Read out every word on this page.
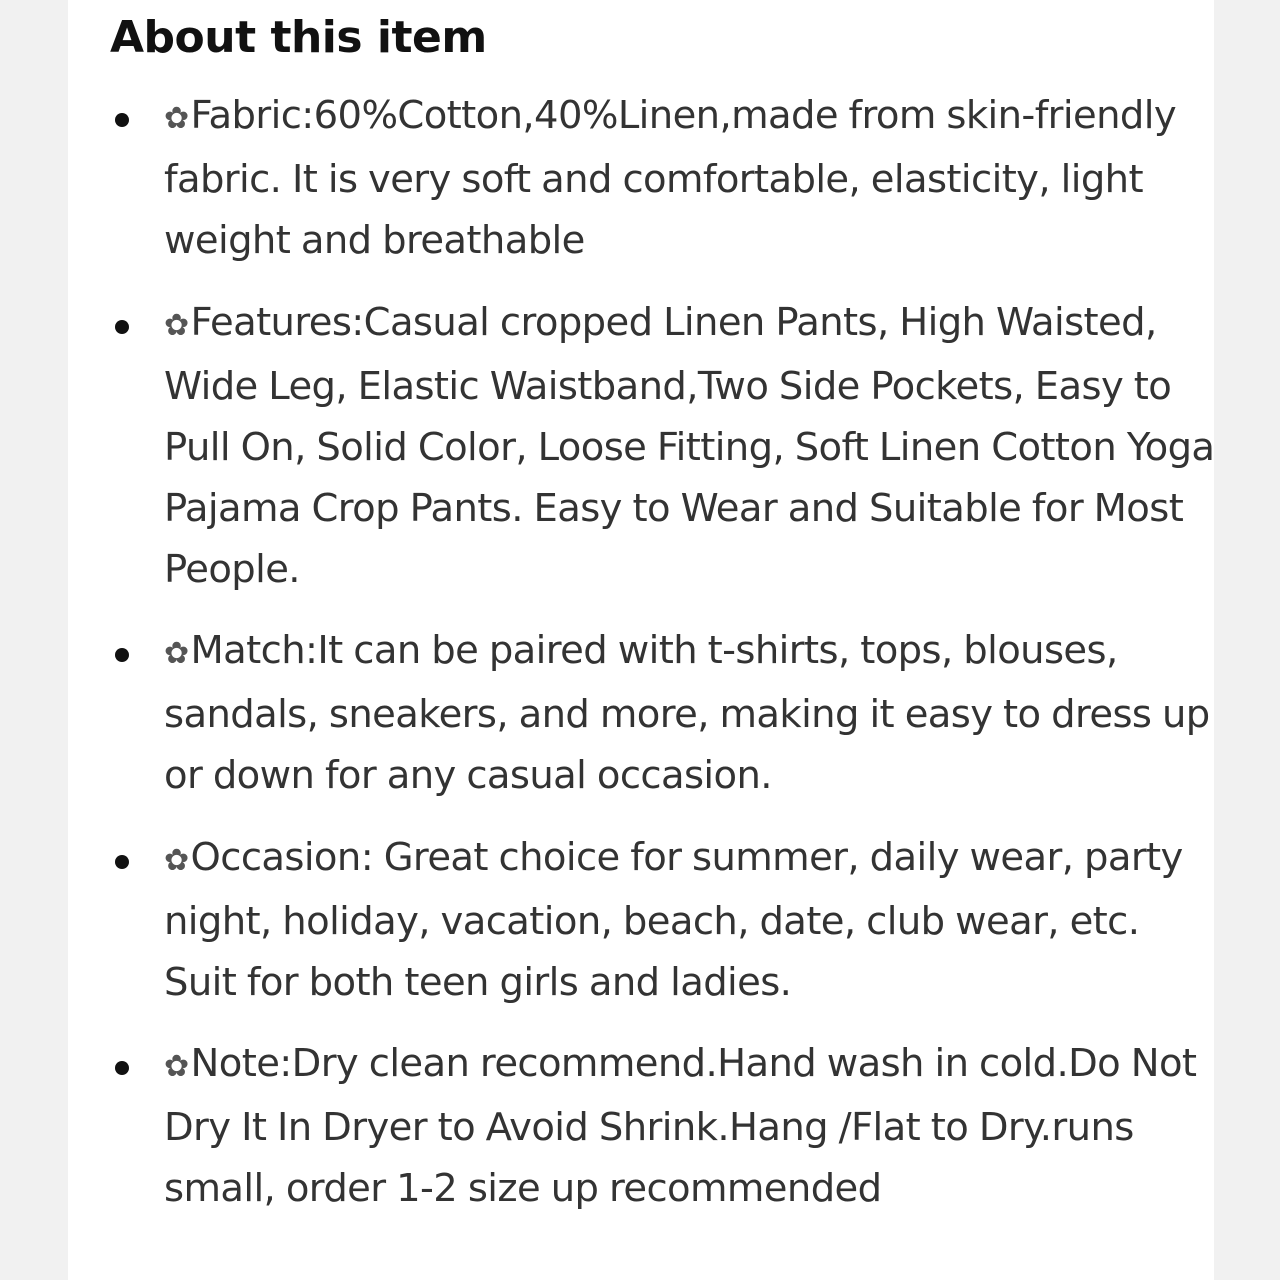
About this item

✿Fabric:60%Cotton,40%Linen,made from skin-friendly fabric. It is very soft and comfortable, elasticity, light weight and breathable

✿Features:Casual cropped Linen Pants, High Waisted, Wide Leg, Elastic Waistband,Two Side Pockets, Easy to Pull On, Solid Color, Loose Fitting, Soft Linen Cotton Yoga Pajama Crop Pants. Easy to Wear and Suitable for Most People.

✿Match:It can be paired with t-shirts, tops, blouses, sandals, sneakers, and more, making it easy to dress up or down for any casual occasion.

✿Occasion: Great choice for summer, daily wear, party night, holiday, vacation, beach, date, club wear, etc. Suit for both teen girls and ladies.

✿Note:Dry clean recommend.Hand wash in cold.Do Not Dry It In Dryer to Avoid Shrink.Hang /Flat to Dry.runs small, order 1-2 size up recommended
